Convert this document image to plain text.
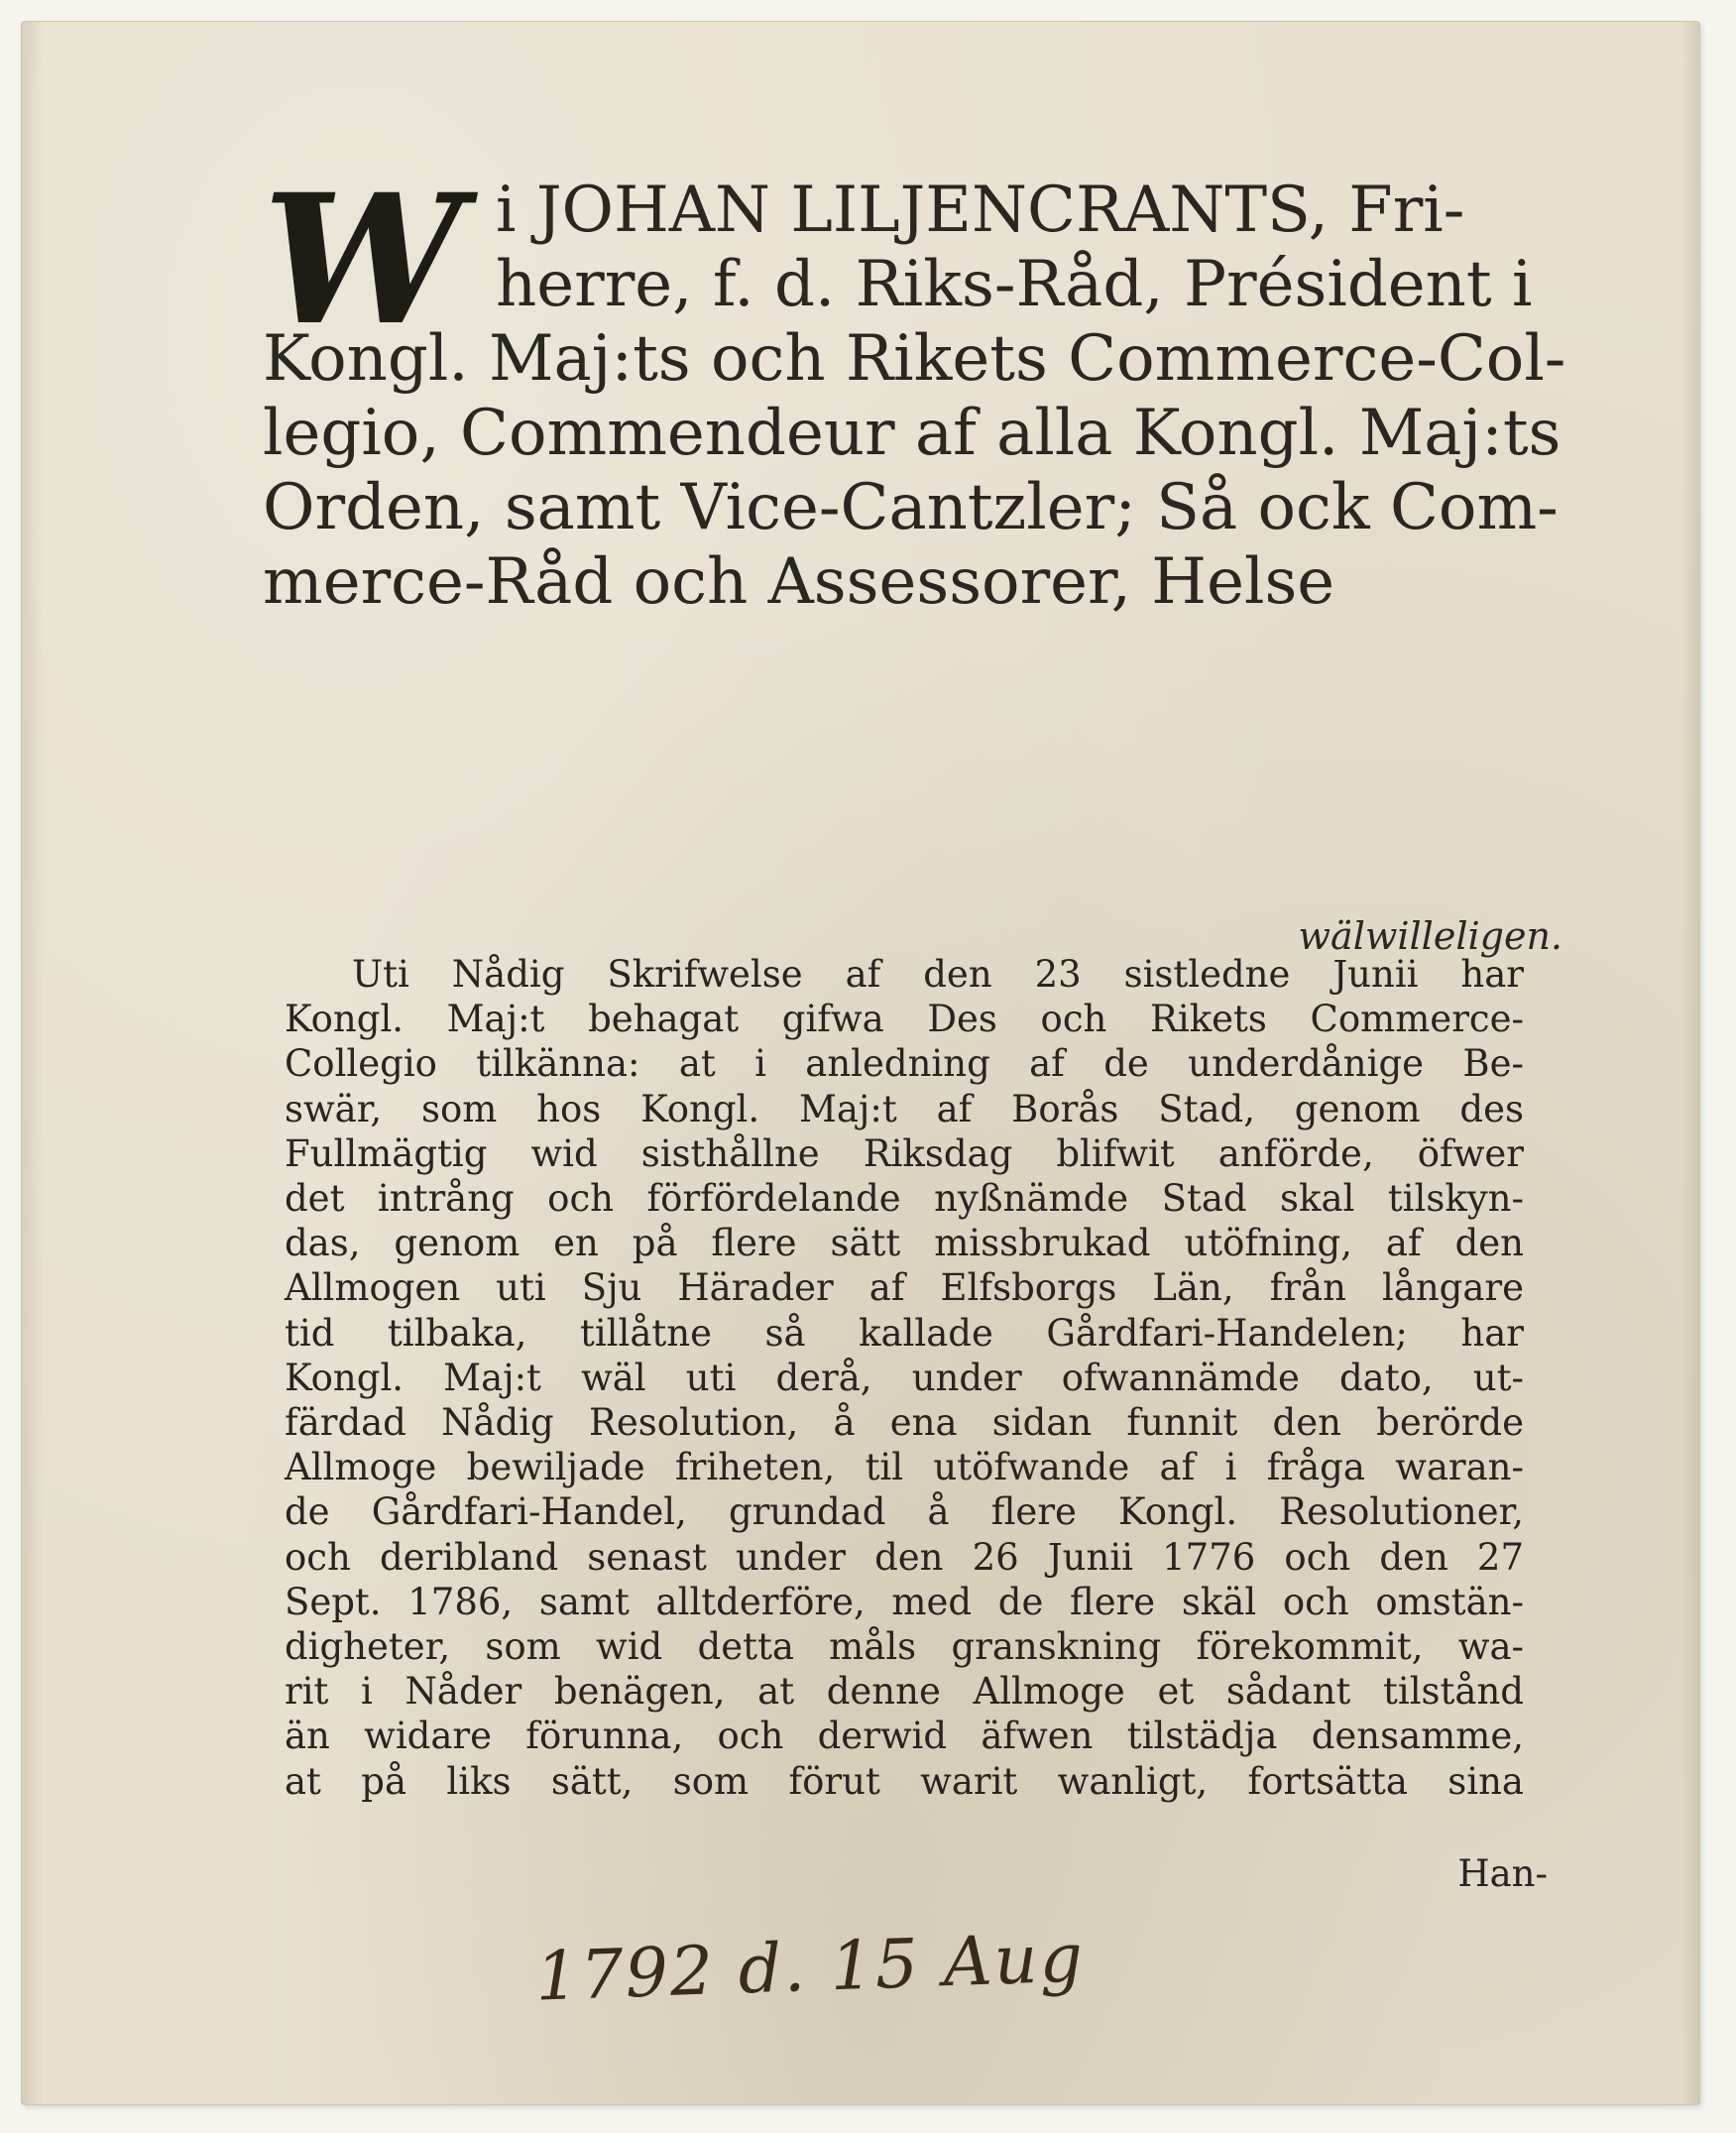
W i JOHAN LILJENCRANTS, Fri-
herre, f. d. Riks-Råd, Président i
Kongl. Maj:ts och Rikets Commerce-Col-
legio, Commendeur af alla Kongl. Maj:ts
Orden, samt Vice-Cantzler; Så ock Com-
merce-Råd och Assessorer, Helse
wälwilleligen.
Uti Nådig Skrifwelse af den 23 sistledne Junii har
Kongl. Maj:t behagat gifwa Des och Rikets Commerce-
Collegio tilkänna: at i anledning af de underdånige Be-
swär, som hos Kongl. Maj:t af Borås Stad, genom des
Fullmägtig wid sisthållne Riksdag blifwit anförde, öfwer
det intrång och förfördelande nyßnämde Stad skal tilskyn-
das, genom en på flere sätt missbrukad utöfning, af den
Allmogen uti Sju Härader af Elfsborgs Län, från långare
tid tilbaka, tillåtne så kallade Gårdfari-Handelen; har
Kongl. Maj:t wäl uti derå, under ofwannämde dato, ut-
färdad Nådig Resolution, å ena sidan funnit den berörde
Allmoge bewiljade friheten, til utöfwande af i fråga waran-
de Gårdfari-Handel, grundad å flere Kongl. Resolutioner,
och deribland senast under den 26 Junii 1776 och den 27
Sept. 1786, samt alltderföre, med de flere skäl och omstän-
digheter, som wid detta måls granskning förekommit, wa-
rit i Nåder benägen, at denne Allmoge et sådant tilstånd
än widare förunna, och derwid äfwen tilstädja densamme,
at på liks sätt, som förut warit wanligt, fortsätta sina
Han-
1792 d. 15 Aug
